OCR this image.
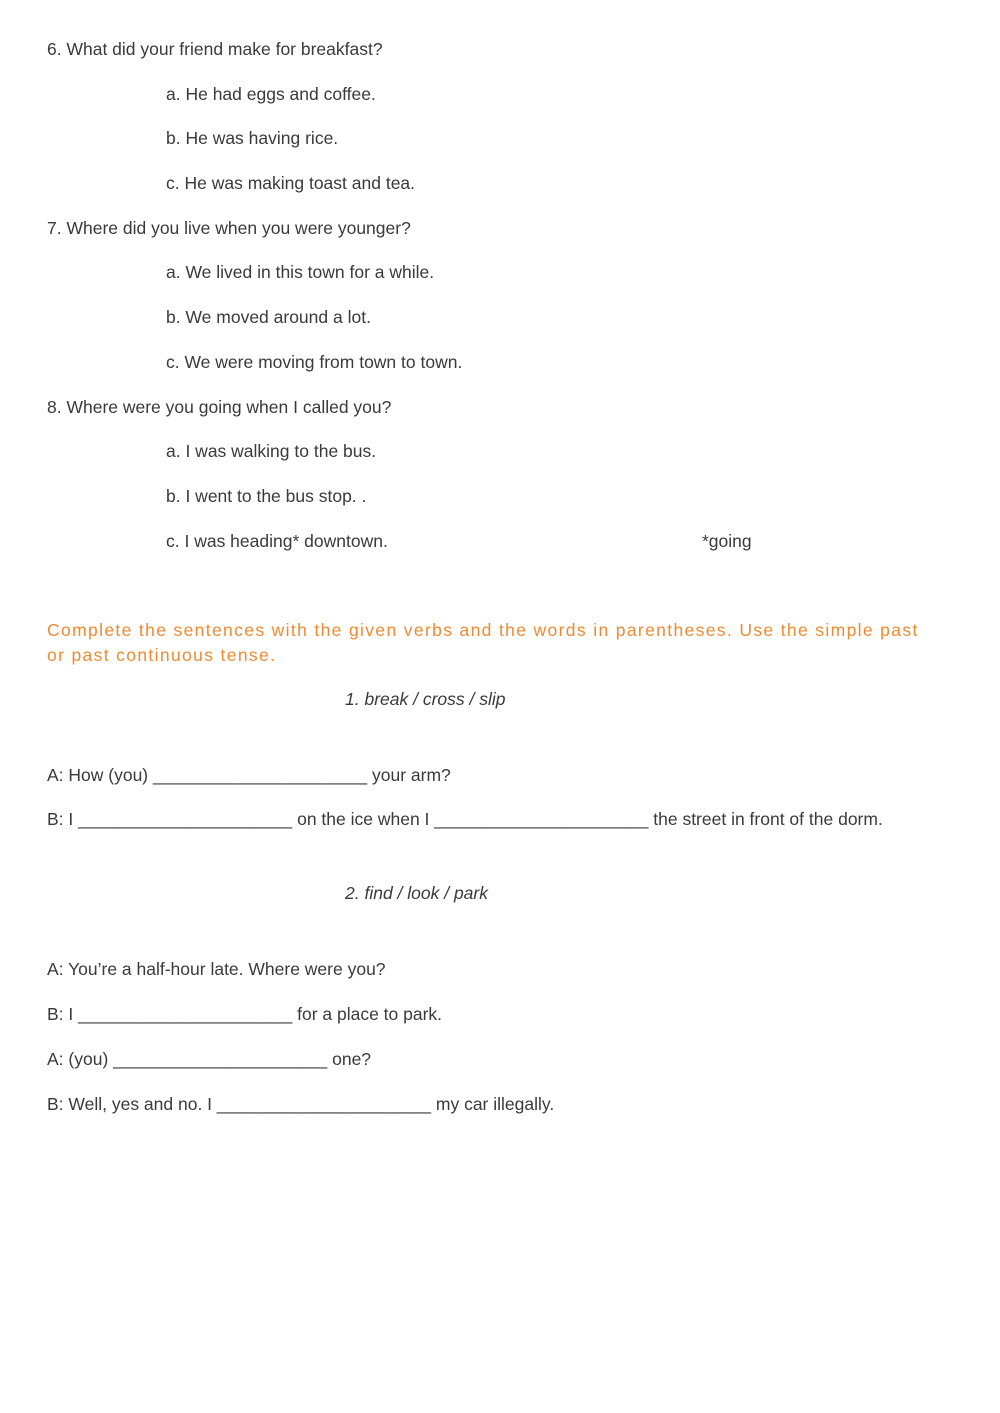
6. What did your friend make for breakfast?
a. He had eggs and coffee.
b. He was having rice.
c. He was making toast and tea.
7. Where did you live when you were younger?
a. We lived in this town for a while.
b. We moved around a lot.
c. We were moving from town to town.
8. Where were you going when I called you?
a. I was walking to the bus.
b. I went to the bus stop. .
c. I was heading* downtown.	*going
Complete the sentences with the given verbs and the words in parentheses. Use the simple past
or past continuous tense.
1. break / cross / slip
A: How (you) ______________________ your arm?
B: I ______________________ on the ice when I ______________________ the street in front of the dorm.
2. find / look / park
A: You’re a half-hour late. Where were you?
B: I ______________________ for a place to park.
A: (you) ______________________ one?
B: Well, yes and no. I ______________________ my car illegally.
